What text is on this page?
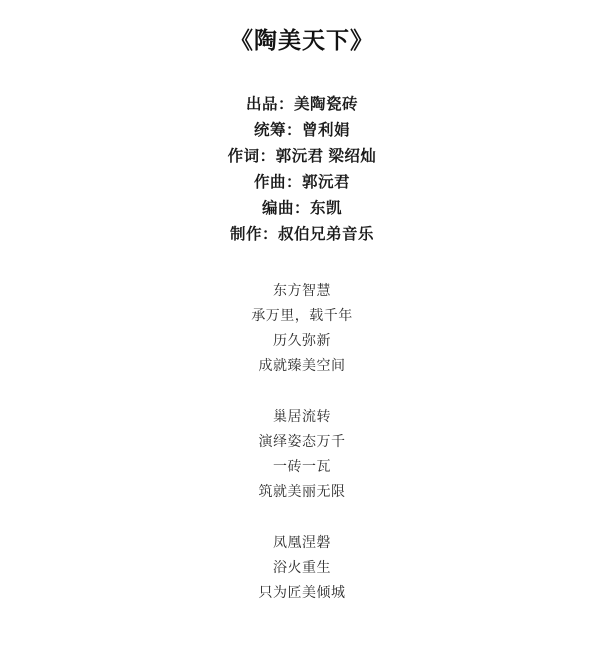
《陶美天下》
出品：美陶瓷砖
统筹：曾利娟
作词：郭沅君 梁绍灿
作曲：郭沅君
编曲：东凯
制作：叔伯兄弟音乐
东方智慧
承万里，载千年
历久弥新
成就臻美空间
巢居流转
演绎姿态万千
一砖一瓦
筑就美丽无限
凤凰涅磐
浴火重生
只为匠美倾城
